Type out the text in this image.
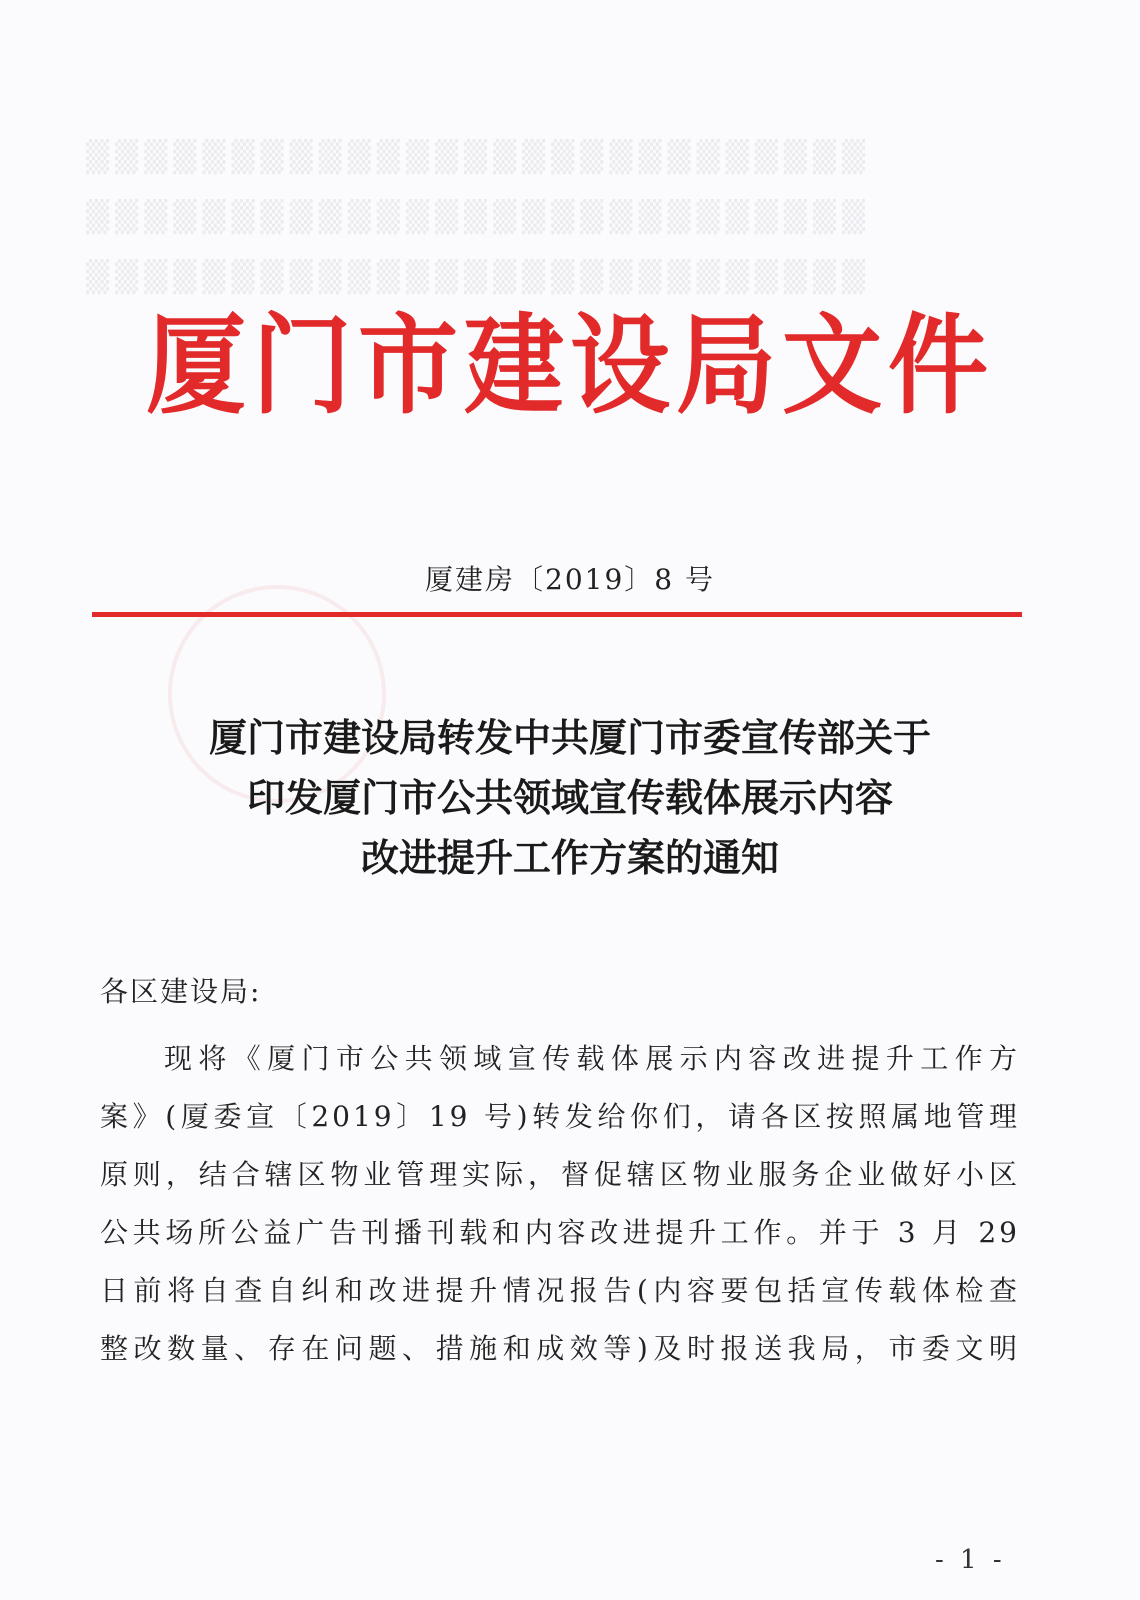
▒▒▒▒▒▒▒▒▒▒▒▒▒▒▒▒▒▒▒▒▒▒▒▒▒▒▒
▒▒▒▒▒▒▒▒▒▒▒▒▒▒▒▒▒▒▒▒▒▒▒▒▒▒▒
▒▒▒▒▒▒▒▒▒▒▒▒▒▒▒▒▒▒▒▒▒▒▒▒▒▒▒
厦门市建设局文件
厦建房〔2019〕8 号
厦门市建设局转发中共厦门市委宣传部关于
印发厦门市公共领域宣传载体展示内容
改进提升工作方案的通知
各区建设局:
现将《厦门市公共领域宣传载体展示内容改进提升工作方
案》(厦委宣〔2019〕19 号)转发给你们，请各区按照属地管理
原则，结合辖区物业管理实际，督促辖区物业服务企业做好小区
公共场所公益广告刊播刊载和内容改进提升工作。并于 3 月 29
日前将自查自纠和改进提升情况报告(内容要包括宣传载体检查
整改数量、存在问题、措施和成效等)及时报送我局，市委文明
- 1 -
